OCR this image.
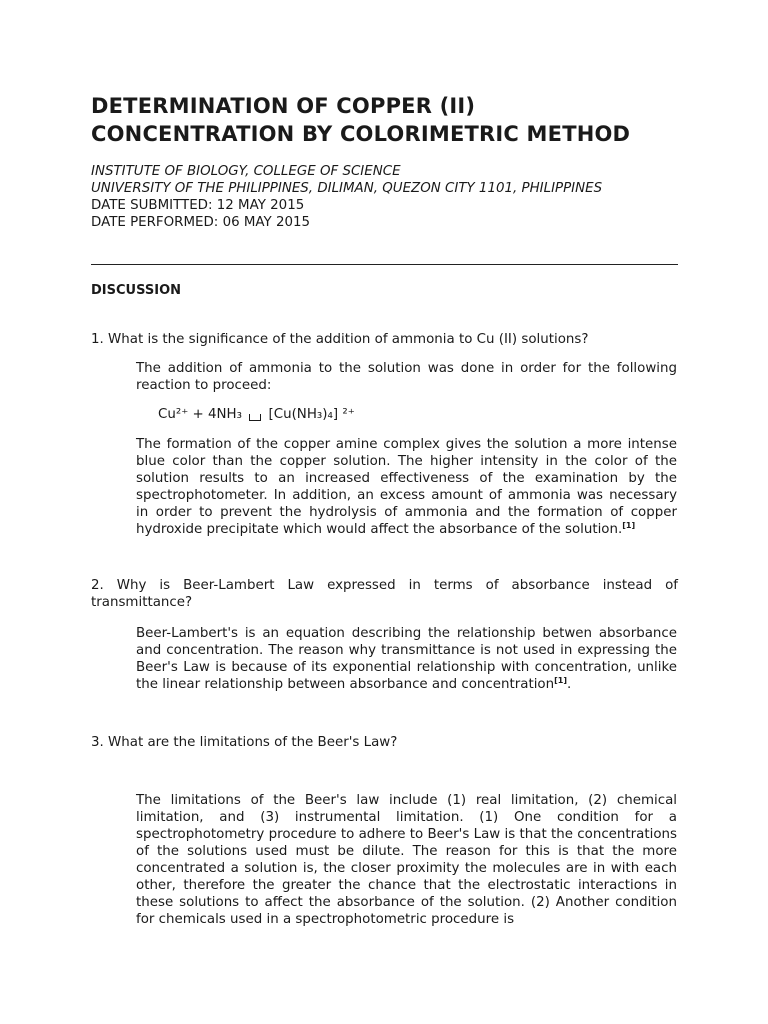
DETERMINATION OF COPPER (II)
CONCENTRATION BY COLORIMETRIC METHOD
INSTITUTE OF BIOLOGY, COLLEGE OF SCIENCE
UNIVERSITY OF THE PHILIPPINES, DILIMAN, QUEZON CITY 1101, PHILIPPINES
DATE SUBMITTED: 12 MAY 2015
DATE PERFORMED: 06 MAY 2015
DISCUSSION
1. What is the significance of the addition of ammonia to Cu (II) solutions?
The addition of ammonia to the solution was done in order for the following reaction to proceed:
Cu²⁺ + 4NH₃ [Cu(NH₃)₄] ²⁺
The formation of the copper amine complex gives the solution a more intense blue color than the copper solution. The higher intensity in the color of the solution results to an increased effectiveness of the examination by the spectrophotometer. In addition, an excess amount of ammonia was necessary in order to prevent the hydrolysis of ammonia and the formation of copper hydroxide precipitate which would affect the absorbance of the solution.[1]
2. Why is Beer-Lambert Law expressed in terms of absorbance instead of transmittance?
Beer-Lambert's is an equation describing the relationship betwen absorbance and concentration. The reason why transmittance is not used in expressing the Beer's Law is because of its exponential relationship with concentration, unlike the linear relationship between absorbance and concentration[1].
3. What are the limitations of the Beer's Law?
The limitations of the Beer's law include (1) real limitation, (2) chemical limitation, and (3) instrumental limitation. (1) One condition for a spectrophotometry procedure to adhere to Beer's Law is that the concentrations of the solutions used must be dilute. The reason for this is that the more concentrated a solution is, the closer proximity the molecules are in with each other, therefore the greater the chance that the electrostatic interactions in these solutions to affect the absorbance of the solution. (2) Another condition for chemicals used in a spectrophotometric procedure is
